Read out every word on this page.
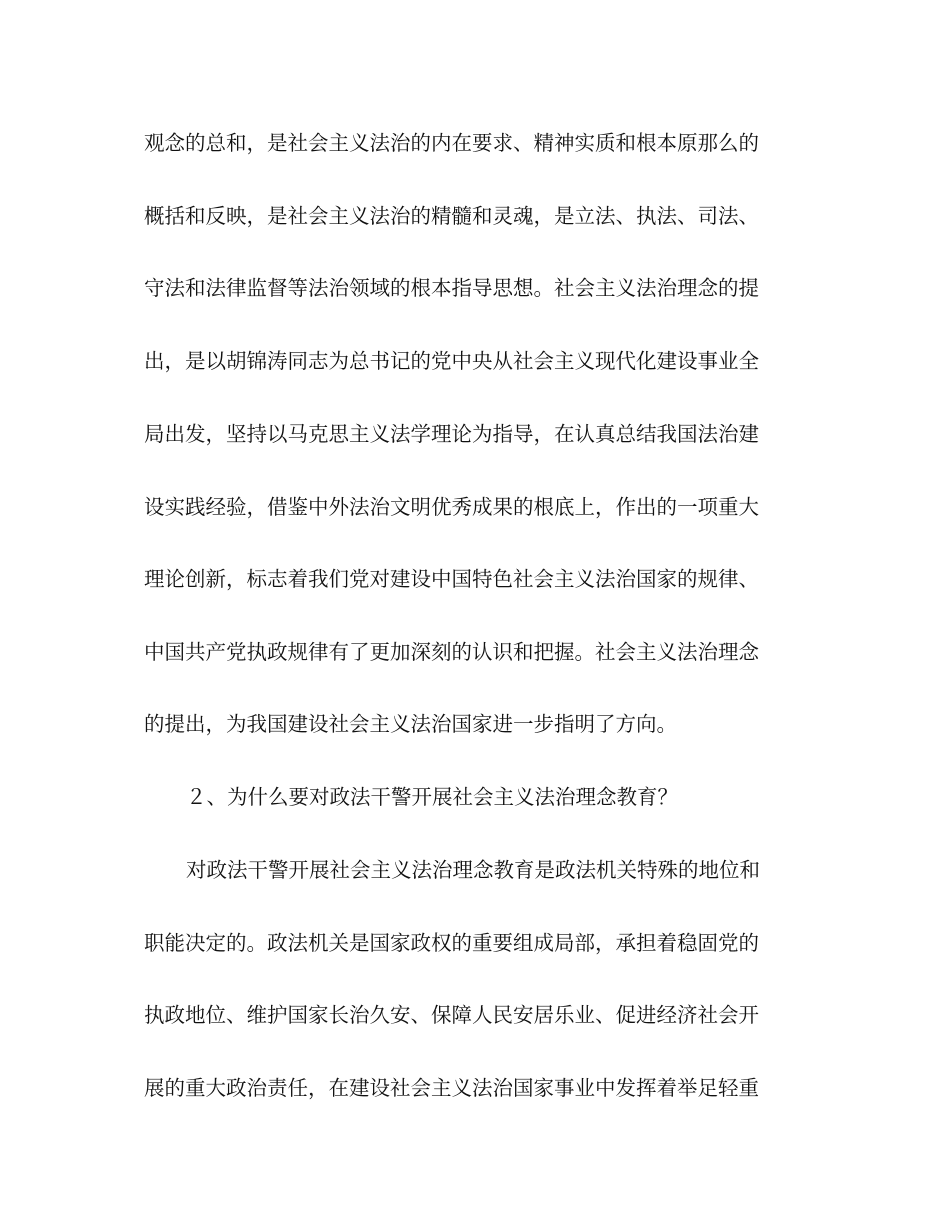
观念的总和，是社会主义法治的内在要求、精神实质和根本原那么的
概括和反映，是社会主义法治的精髓和灵魂，是立法、执法、司法、
守法和法律监督等法治领域的根本指导思想。社会主义法治理念的提
出，是以胡锦涛同志为总书记的党中央从社会主义现代化建设事业全
局出发，坚持以马克思主义法学理论为指导，在认真总结我国法治建
设实践经验，借鉴中外法治文明优秀成果的根底上，作出的一项重大
理论创新，标志着我们党对建设中国特色社会主义法治国家的规律、
中国共产党执政规律有了更加深刻的认识和把握。社会主义法治理念
的提出，为我国建设社会主义法治国家进一步指明了方向。
２、为什么要对政法干警开展社会主义法治理念教育？
对政法干警开展社会主义法治理念教育是政法机关特殊的地位和
职能决定的。政法机关是国家政权的重要组成局部，承担着稳固党的
执政地位、维护国家长治久安、保障人民安居乐业、促进经济社会开
展的重大政治责任，在建设社会主义法治国家事业中发挥着举足轻重
